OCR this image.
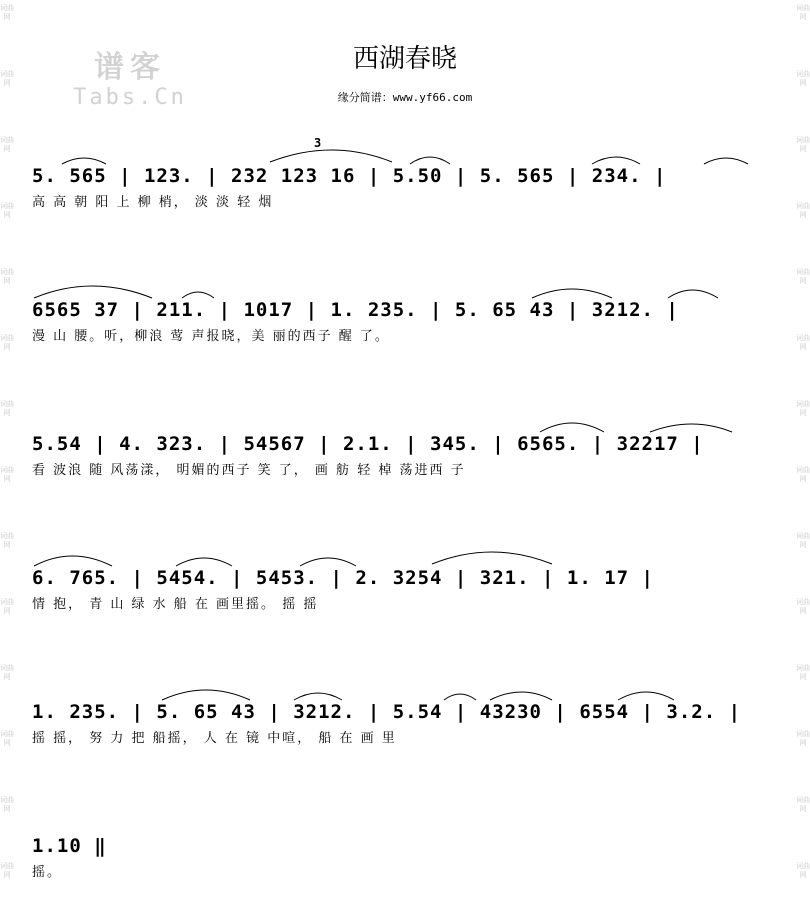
词曲网
词曲网
词曲网
词曲网
词曲网
词曲网
词曲网
词曲网
词曲网
词曲网
词曲网
词曲网
词曲网
词曲网
词曲网
词曲网
词曲网
词曲网
词曲网
词曲网
词曲网
词曲网
词曲网
词曲网
词曲网
词曲网
词曲网
词曲网
谱客
Tabs.Cn
西湖春晓
缘分简谱：www.yf66.com
3
5. 565 | 123. | 232 123 16 | 5.50 | 5. 565 | 234. |
高 高 朝 阳 上 柳 梢， 淡 淡 轻 烟
6565 37 | 211. | 1017 | 1. 235. | 5. 65 43 | 3212. |
漫 山 腰。听，柳浪 莺 声报晓，美 丽的西子 醒 了。
5.54 | 4. 323. | 54567 | 2.1. | 345. | 6565. | 32217 |
看 波浪 随 风荡漾， 明媚的西子 笑 了， 画 舫 轻 棹 荡进西 子
6. 765. | 5454. | 5453. | 2. 3254 | 321. | 1. 17 |
情 抱， 青 山 绿 水 船 在 画里摇。 摇 摇
1. 235. | 5. 65 43 | 3212. | 5.54 | 43230 | 6554 | 3.2. |
摇 摇， 努 力 把 船摇， 人 在 镜 中喧， 船 在 画 里
1.10 ‖
摇。
